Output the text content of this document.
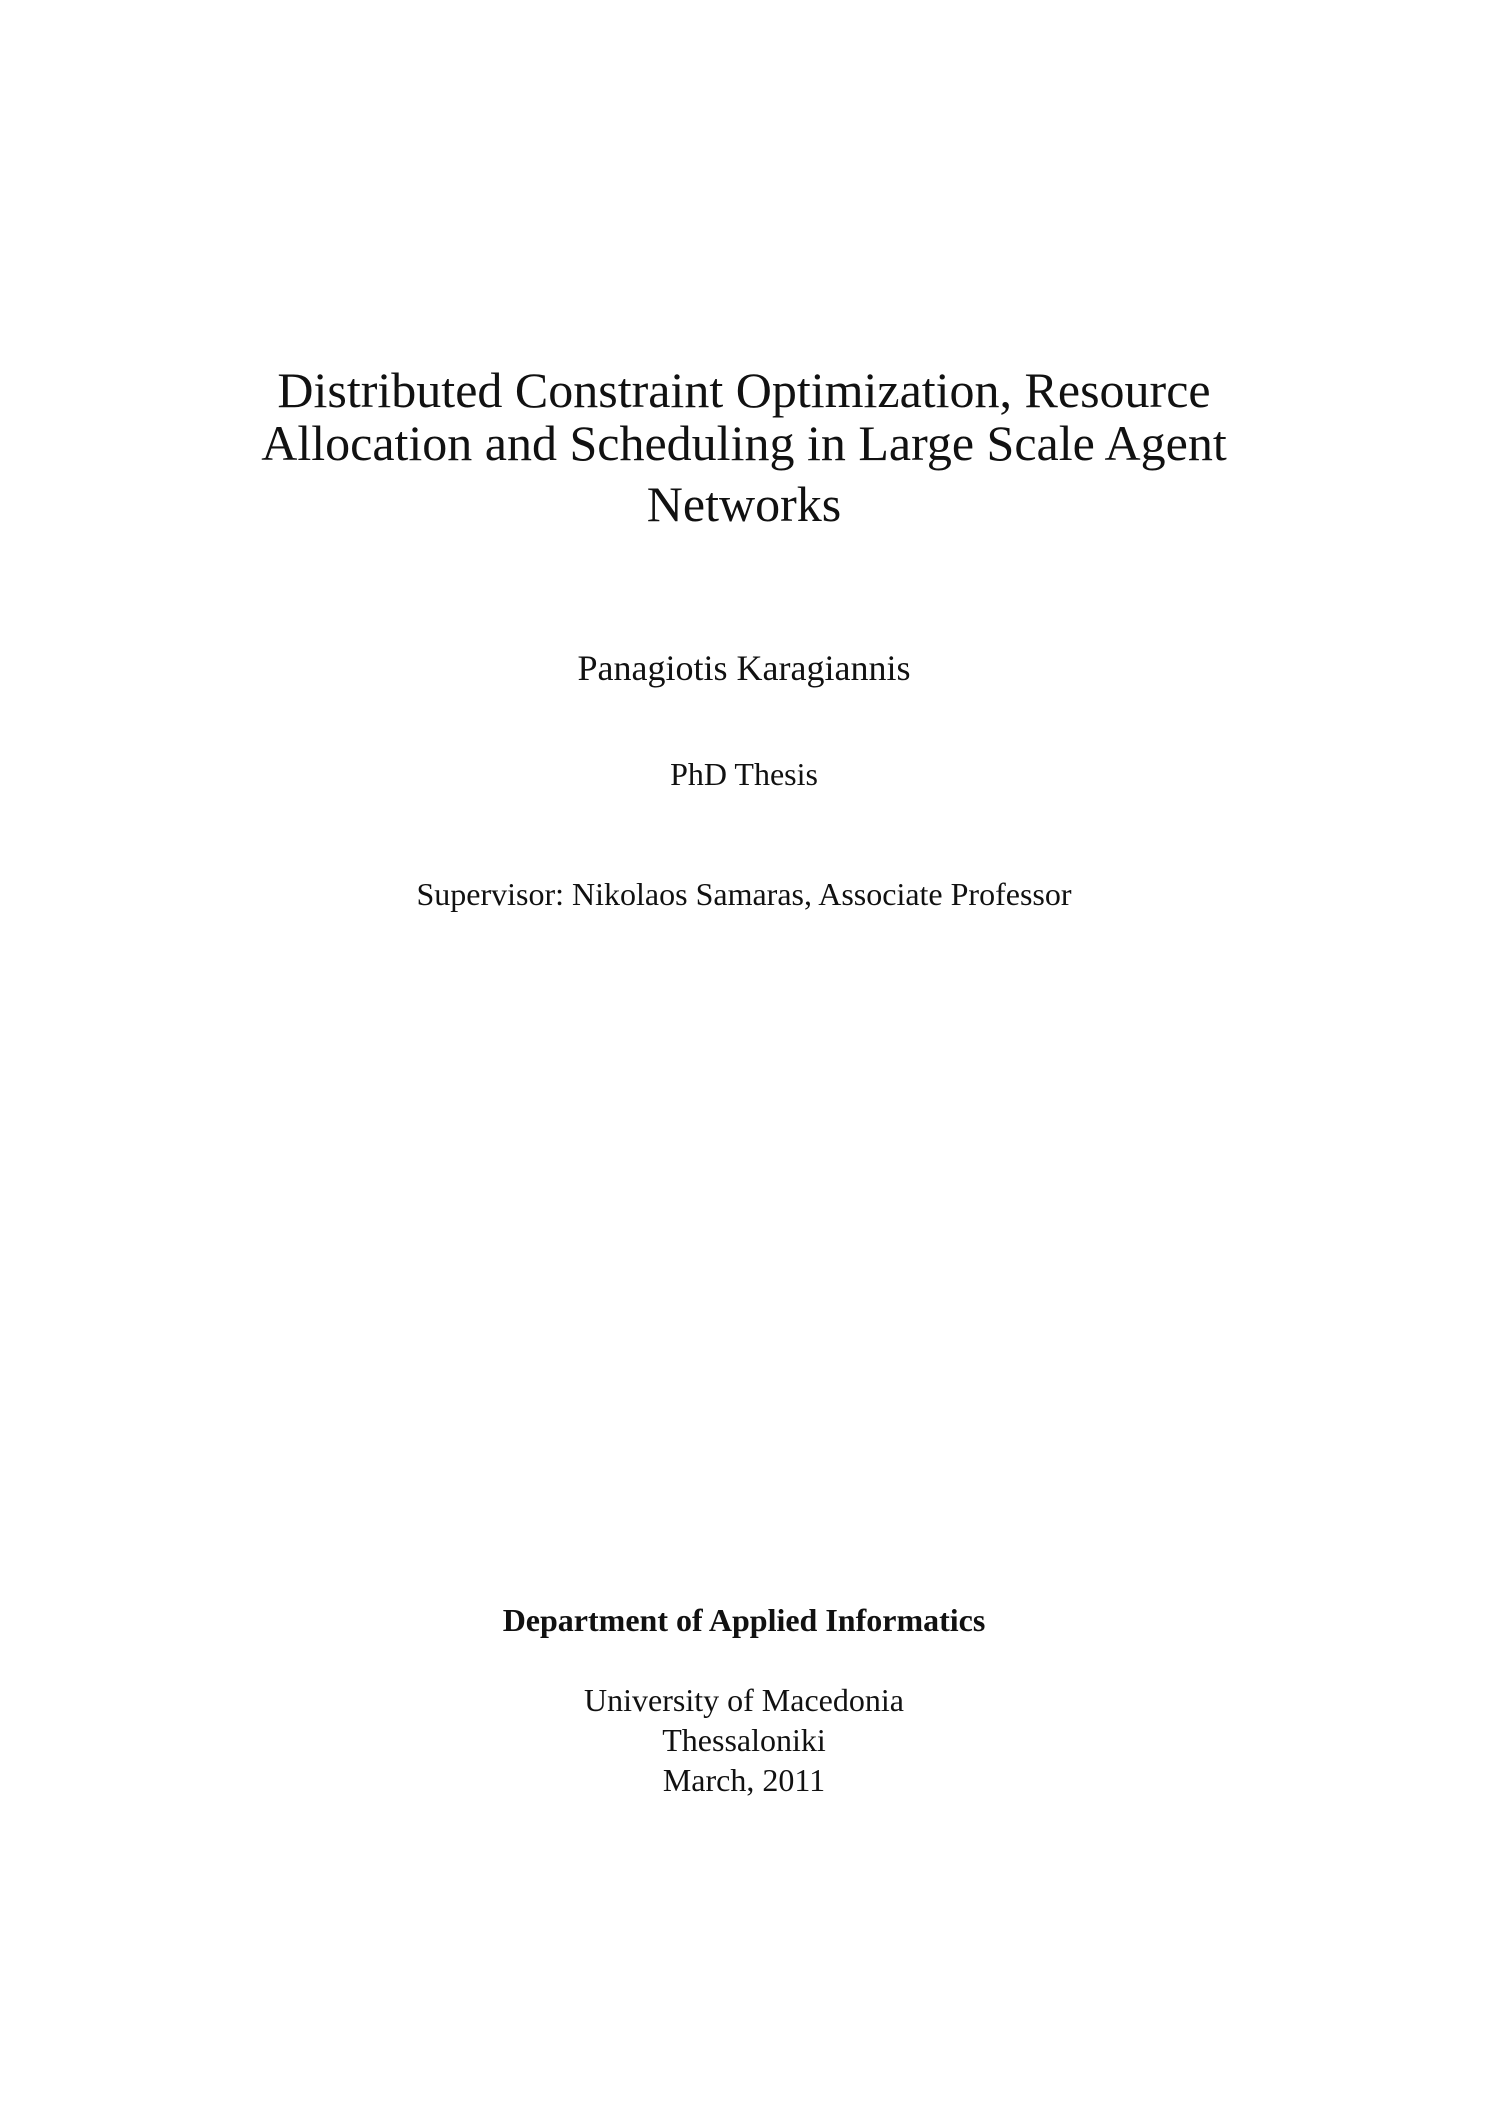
Distributed Constraint Optimization, Resource
Allocation and Scheduling in Large Scale Agent
Networks
Panagiotis Karagiannis
PhD Thesis
Supervisor: Nikolaos Samaras, Associate Professor
Department of Applied Informatics
University of Macedonia
Thessaloniki
March, 2011
